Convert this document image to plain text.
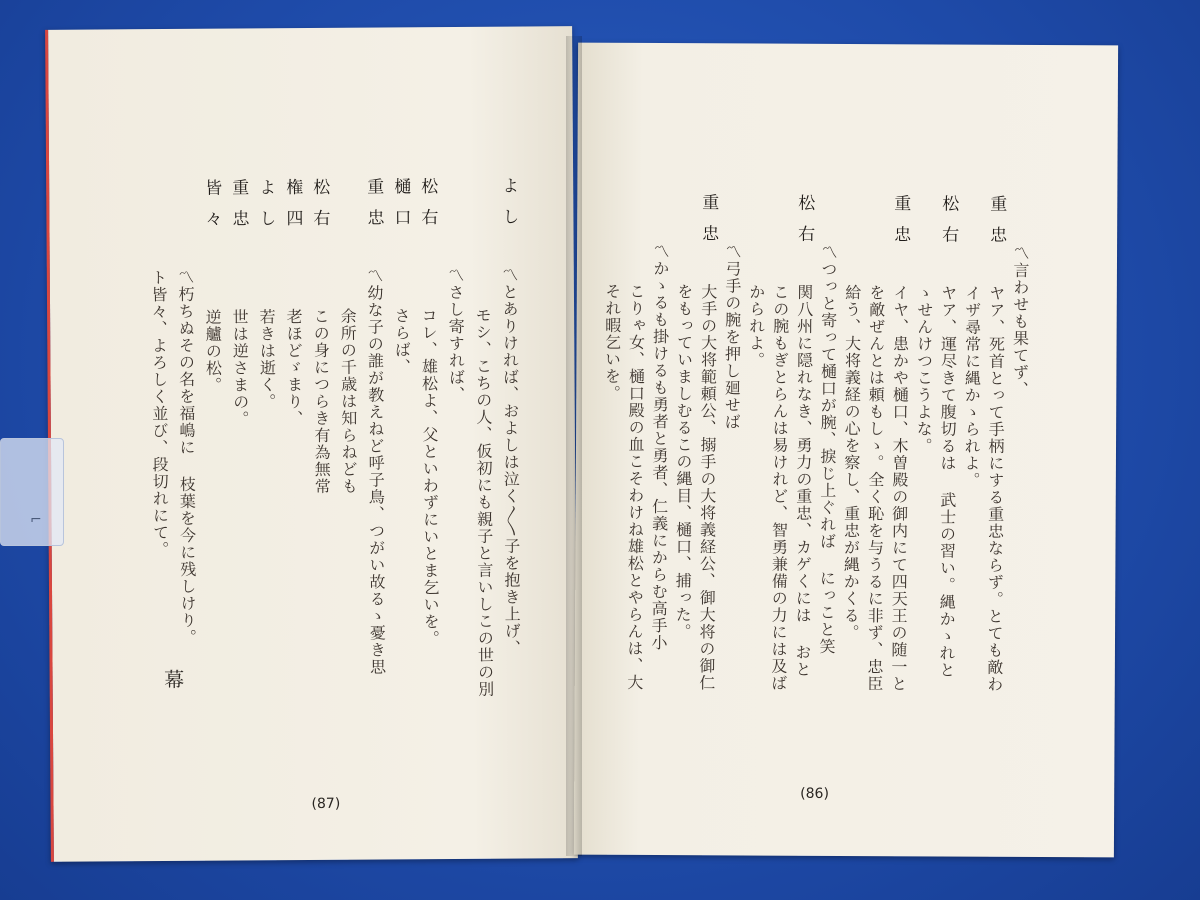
よし
〽とありければ、およしは泣く〳〵子を抱き上げ、
モシ、こちの人、仮初にも親子と言いしこの世の別れ、よう顔見せて、
〽さし寄すれば、
松右
コレ、雄松よ、父といわずにいとま乞いを。
樋口
さらば、
重忠
〽幼な子の誰が教えねど呼子鳥、つがい故るゝ憂き思い。
余所の千歳は知らねども
松右
この身につらき有為無常
権四
老ほどゞまり、
よし
若きは逝く。
重忠
世は逆さまの。
皆々
逆艫の松。
〽朽ちぬその名を福嶋に 枝葉を今に残しけり。
ト皆々、よろしく並び、段切れにて。
幕
(87)
〽言わせも果てず、
重忠
ヤア、死首とって手柄にする重忠ならず。とても敵わぬと覚悟あらば、
イザ尋常に縄かゝられよ。
松右
ヤア、運尽きて腹切るは 武士の習い。縄かゝれとはこの樋口に生恥か
ゝせんけつこうよな。
重忠
イヤ、患かや樋口、木曽殿の御内にて四天王の随一と呼ばれ、亡君の枕
を敵ぜんとは頼もしゝ。全く恥を与うるに非ず、忠臣武勇を惜しみ
給う、大将義経の心を察し、重忠が縄かくる。
〽つっと寄って樋口が腕、捩じ上ぐれば にっこと笑い。
松右
関八州に隠れなき、勇力の重忠、カゲくには おとらぬ樋口、とられし
この腕もぎとらんは易けれど、智勇兼備の力には及ばぬ〳〵。とも角も
かられよ。
〽弓手の腕を押し廻せば
重忠
大手の大将範頼公、搦手の大将義経公、御大将の御仁政、文武二つの力
をもっていましむるこの縄目、樋口、捕った。
〽かゝるも掛けるも勇者と勇者、仁義にからむ高手小手。
こりゃ女、樋口殿の血こそわけね雄松とやらんは、大切な子ではないか。
それ暇乞いを。
(86)
⌐
